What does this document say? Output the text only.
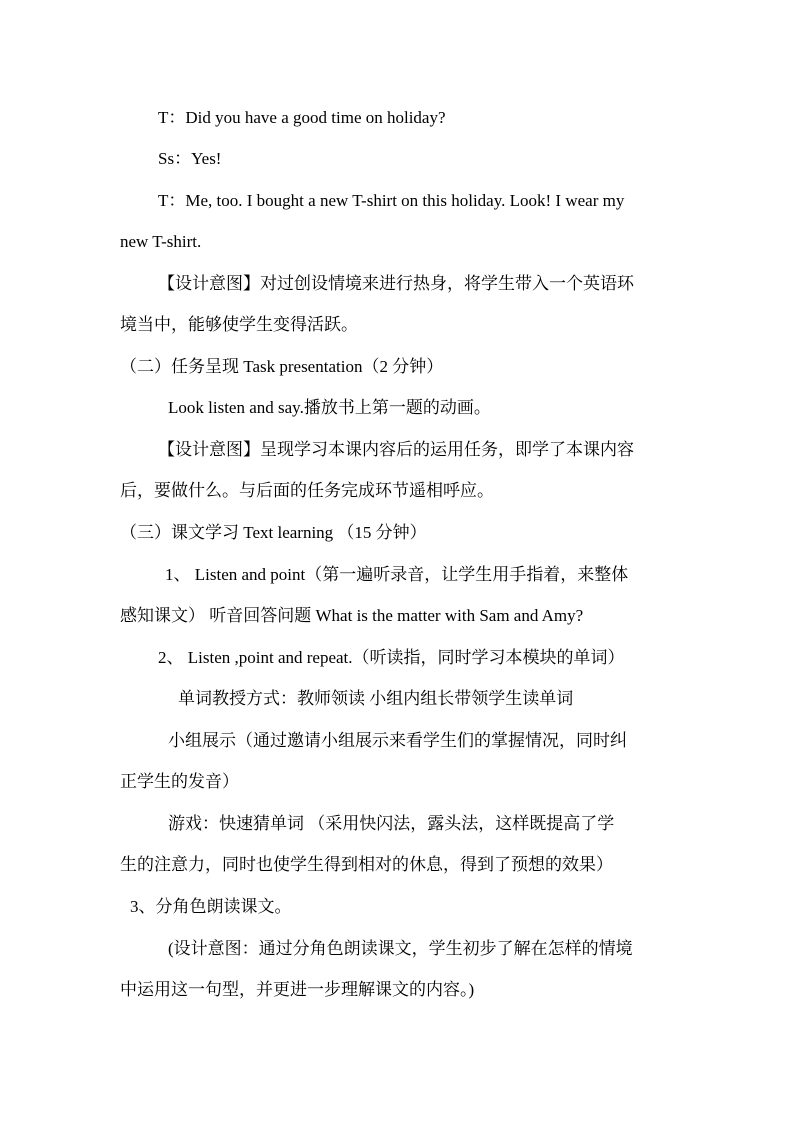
T：Did you have a good time on holiday?
Ss：Yes!
T：Me, too. I bought a new T-shirt on this holiday. Look! I wear my
new T-shirt.
【设计意图】对过创设情境来进行热身，将学生带入一个英语环
境当中，能够使学生变得活跃。
（二）任务呈现 Task presentation（2 分钟）
Look listen and say.播放书上第一题的动画。
【设计意图】呈现学习本课内容后的运用任务，即学了本课内容
后，要做什么。与后面的任务完成环节遥相呼应。
（三）课文学习 Text learning （15 分钟）
1、 Listen and point（第一遍听录音，让学生用手指着，来整体
感知课文） 听音回答问题 What is the matter with Sam and Amy?
2、 Listen ,point and repeat.（听读指，同时学习本模块的单词）
单词教授方式：教师领读 小组内组长带领学生读单词
小组展示（通过邀请小组展示来看学生们的掌握情况，同时纠
正学生的发音）
游戏：快速猜单词 （采用快闪法，露头法，这样既提高了学
生的注意力，同时也使学生得到相对的休息，得到了预想的效果）
3、分角色朗读课文。
(设计意图：通过分角色朗读课文，学生初步了解在怎样的情境
中运用这一句型，并更进一步理解课文的内容。)
